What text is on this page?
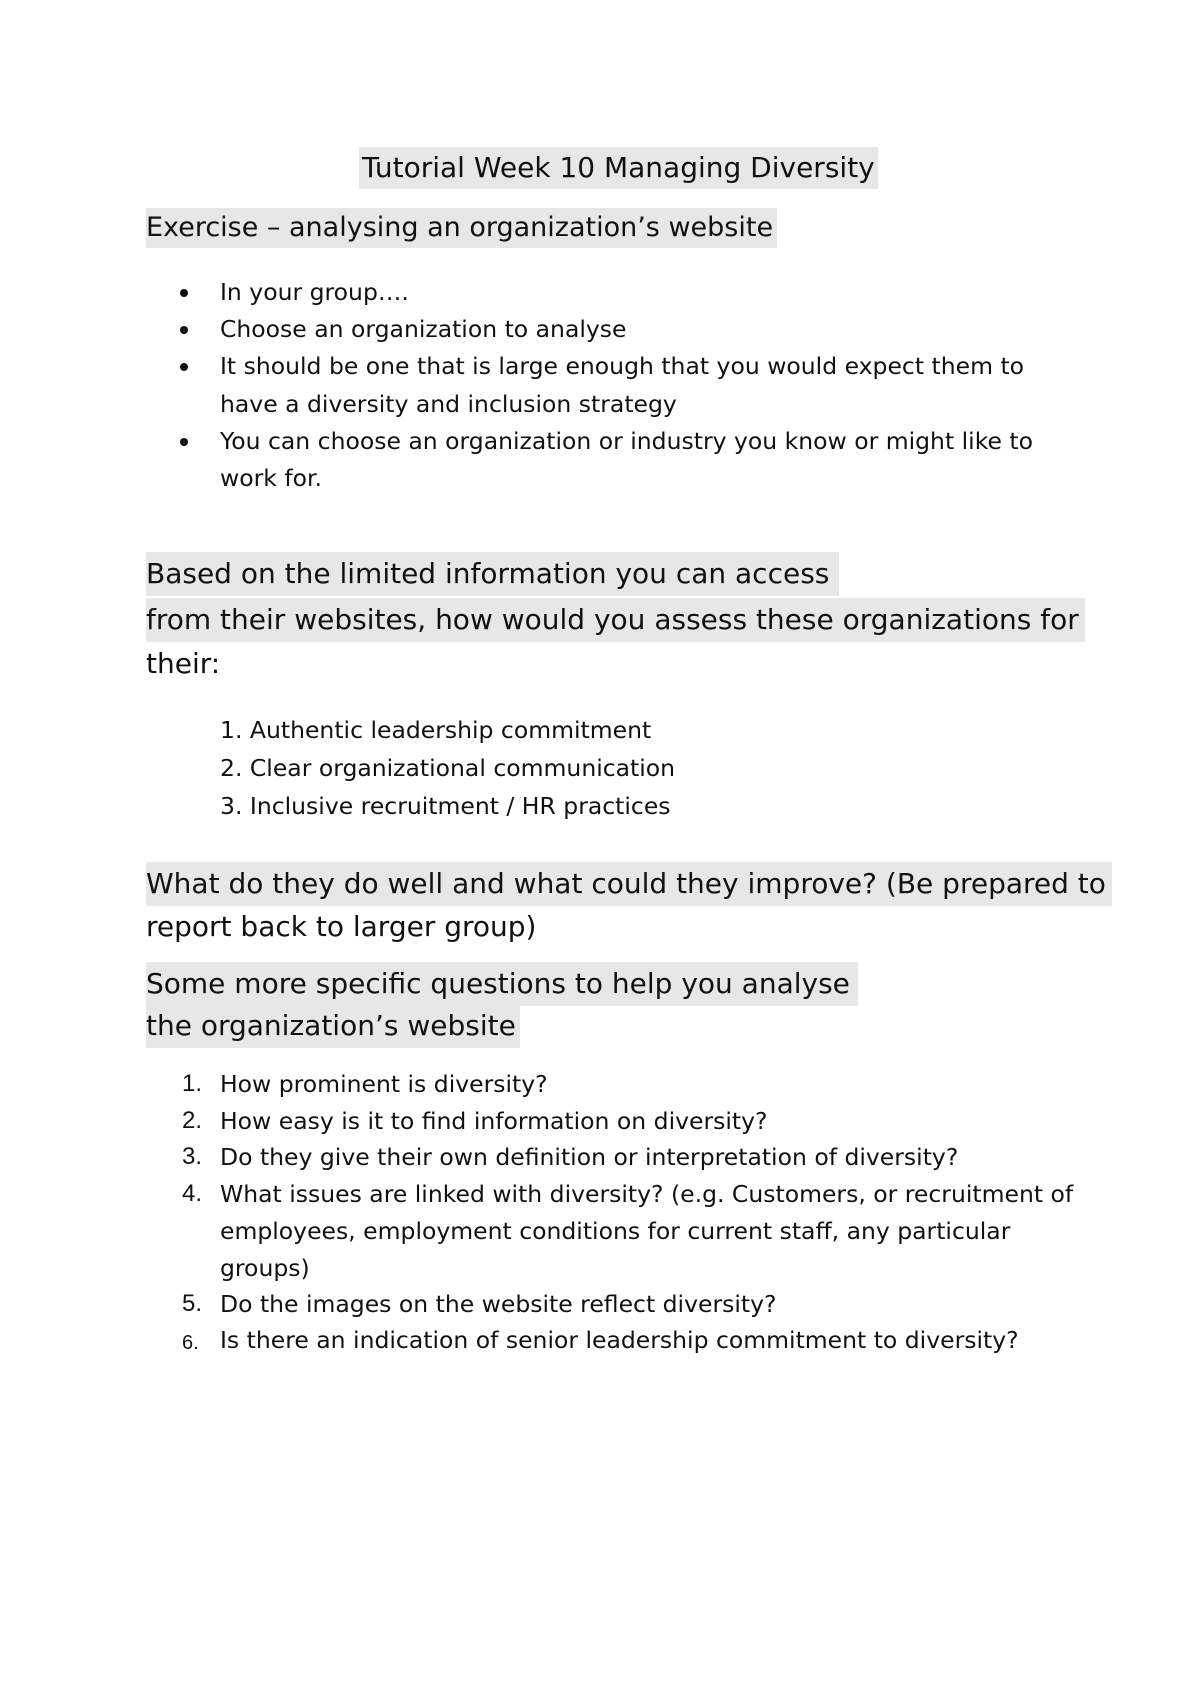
Tutorial Week 10 Managing Diversity
Exercise – analysing an organization’s website
In your group….
Choose an organization to analyse
It should be one that is large enough that you would expect them to
have a diversity and inclusion strategy
You can choose an organization or industry you know or might like to
work for.
Based on the limited information you can access
from their websites, how would you assess these organizations for
their:
1. Authentic leadership commitment
2. Clear organizational communication
3. Inclusive recruitment / HR practices
What do they do well and what could they improve? (Be prepared to
report back to larger group)
Some more specific questions to help you analyse
the organization’s website
1. How prominent is diversity?
2. How easy is it to find information on diversity?
3. Do they give their own definition or interpretation of diversity?
4. What issues are linked with diversity? (e.g. Customers, or recruitment of
employees, employment conditions for current staff, any particular
groups)
5. Do the images on the website reflect diversity?
6. Is there an indication of senior leadership commitment to diversity?
